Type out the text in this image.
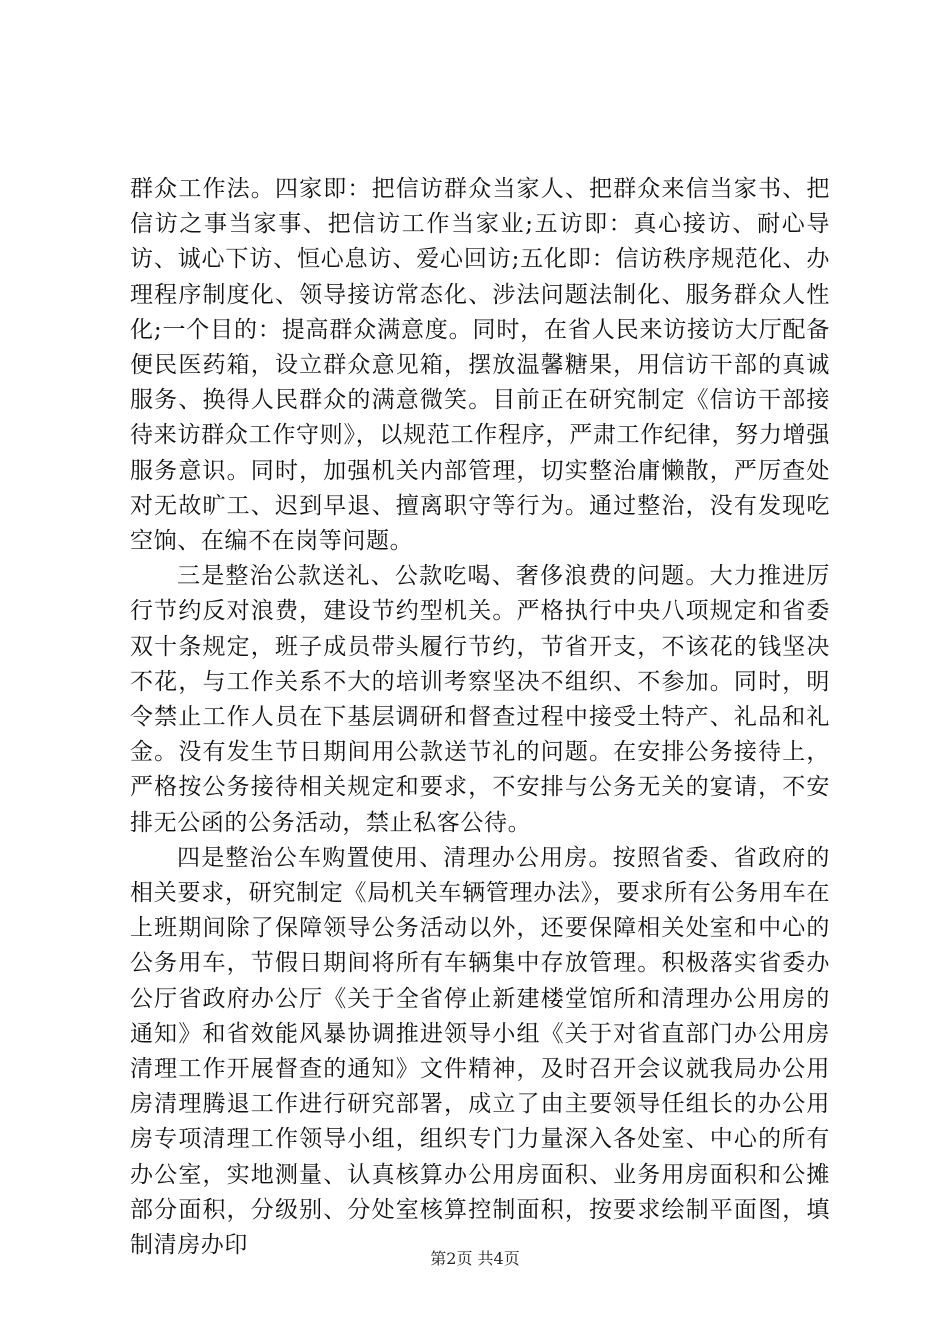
群众工作法。四家即：把信访群众当家人、把群众来信当家书、把信访之事当家事、把信访工作当家业;五访即：真心接访、耐心导访、诚心下访、恒心息访、爱心回访;五化即：信访秩序规范化、办理程序制度化、领导接访常态化、涉法问题法制化、服务群众人性化;一个目的：提高群众满意度。同时，在省人民来访接访大厅配备便民医药箱，设立群众意见箱，摆放温馨糖果，用信访干部的真诚服务、换得人民群众的满意微笑。目前正在研究制定《信访干部接待来访群众工作守则》，以规范工作程序，严肃工作纪律，努力增强服务意识。同时，加强机关内部管理，切实整治庸懒散，严厉查处对无故旷工、迟到早退、擅离职守等行为。通过整治，没有发现吃空饷、在编不在岗等问题。

三是整治公款送礼、公款吃喝、奢侈浪费的问题。大力推进厉行节约反对浪费，建设节约型机关。严格执行中央八项规定和省委双十条规定，班子成员带头履行节约，节省开支，不该花的钱坚决不花，与工作关系不大的培训考察坚决不组织、不参加。同时，明令禁止工作人员在下基层调研和督查过程中接受土特产、礼品和礼金。没有发生节日期间用公款送节礼的问题。在安排公务接待上，严格按公务接待相关规定和要求，不安排与公务无关的宴请，不安排无公函的公务活动，禁止私客公待。

四是整治公车购置使用、清理办公用房。按照省委、省政府的相关要求，研究制定《局机关车辆管理办法》，要求所有公务用车在上班期间除了保障领导公务活动以外，还要保障相关处室和中心的公务用车，节假日期间将所有车辆集中存放管理。积极落实省委办公厅省政府办公厅《关于全省停止新建楼堂馆所和清理办公用房的通知》和省效能风暴协调推进领导小组《关于对省直部门办公用房清理工作开展督查的通知》文件精神，及时召开会议就我局办公用房清理腾退工作进行研究部署，成立了由主要领导任组长的办公用房专项清理工作领导小组，组织专门力量深入各处室、中心的所有办公室，实地测量、认真核算办公用房面积、业务用房面积和公摊部分面积，分级别、分处室核算控制面积，按要求绘制平面图，填制清房办印

第2页 共4页
